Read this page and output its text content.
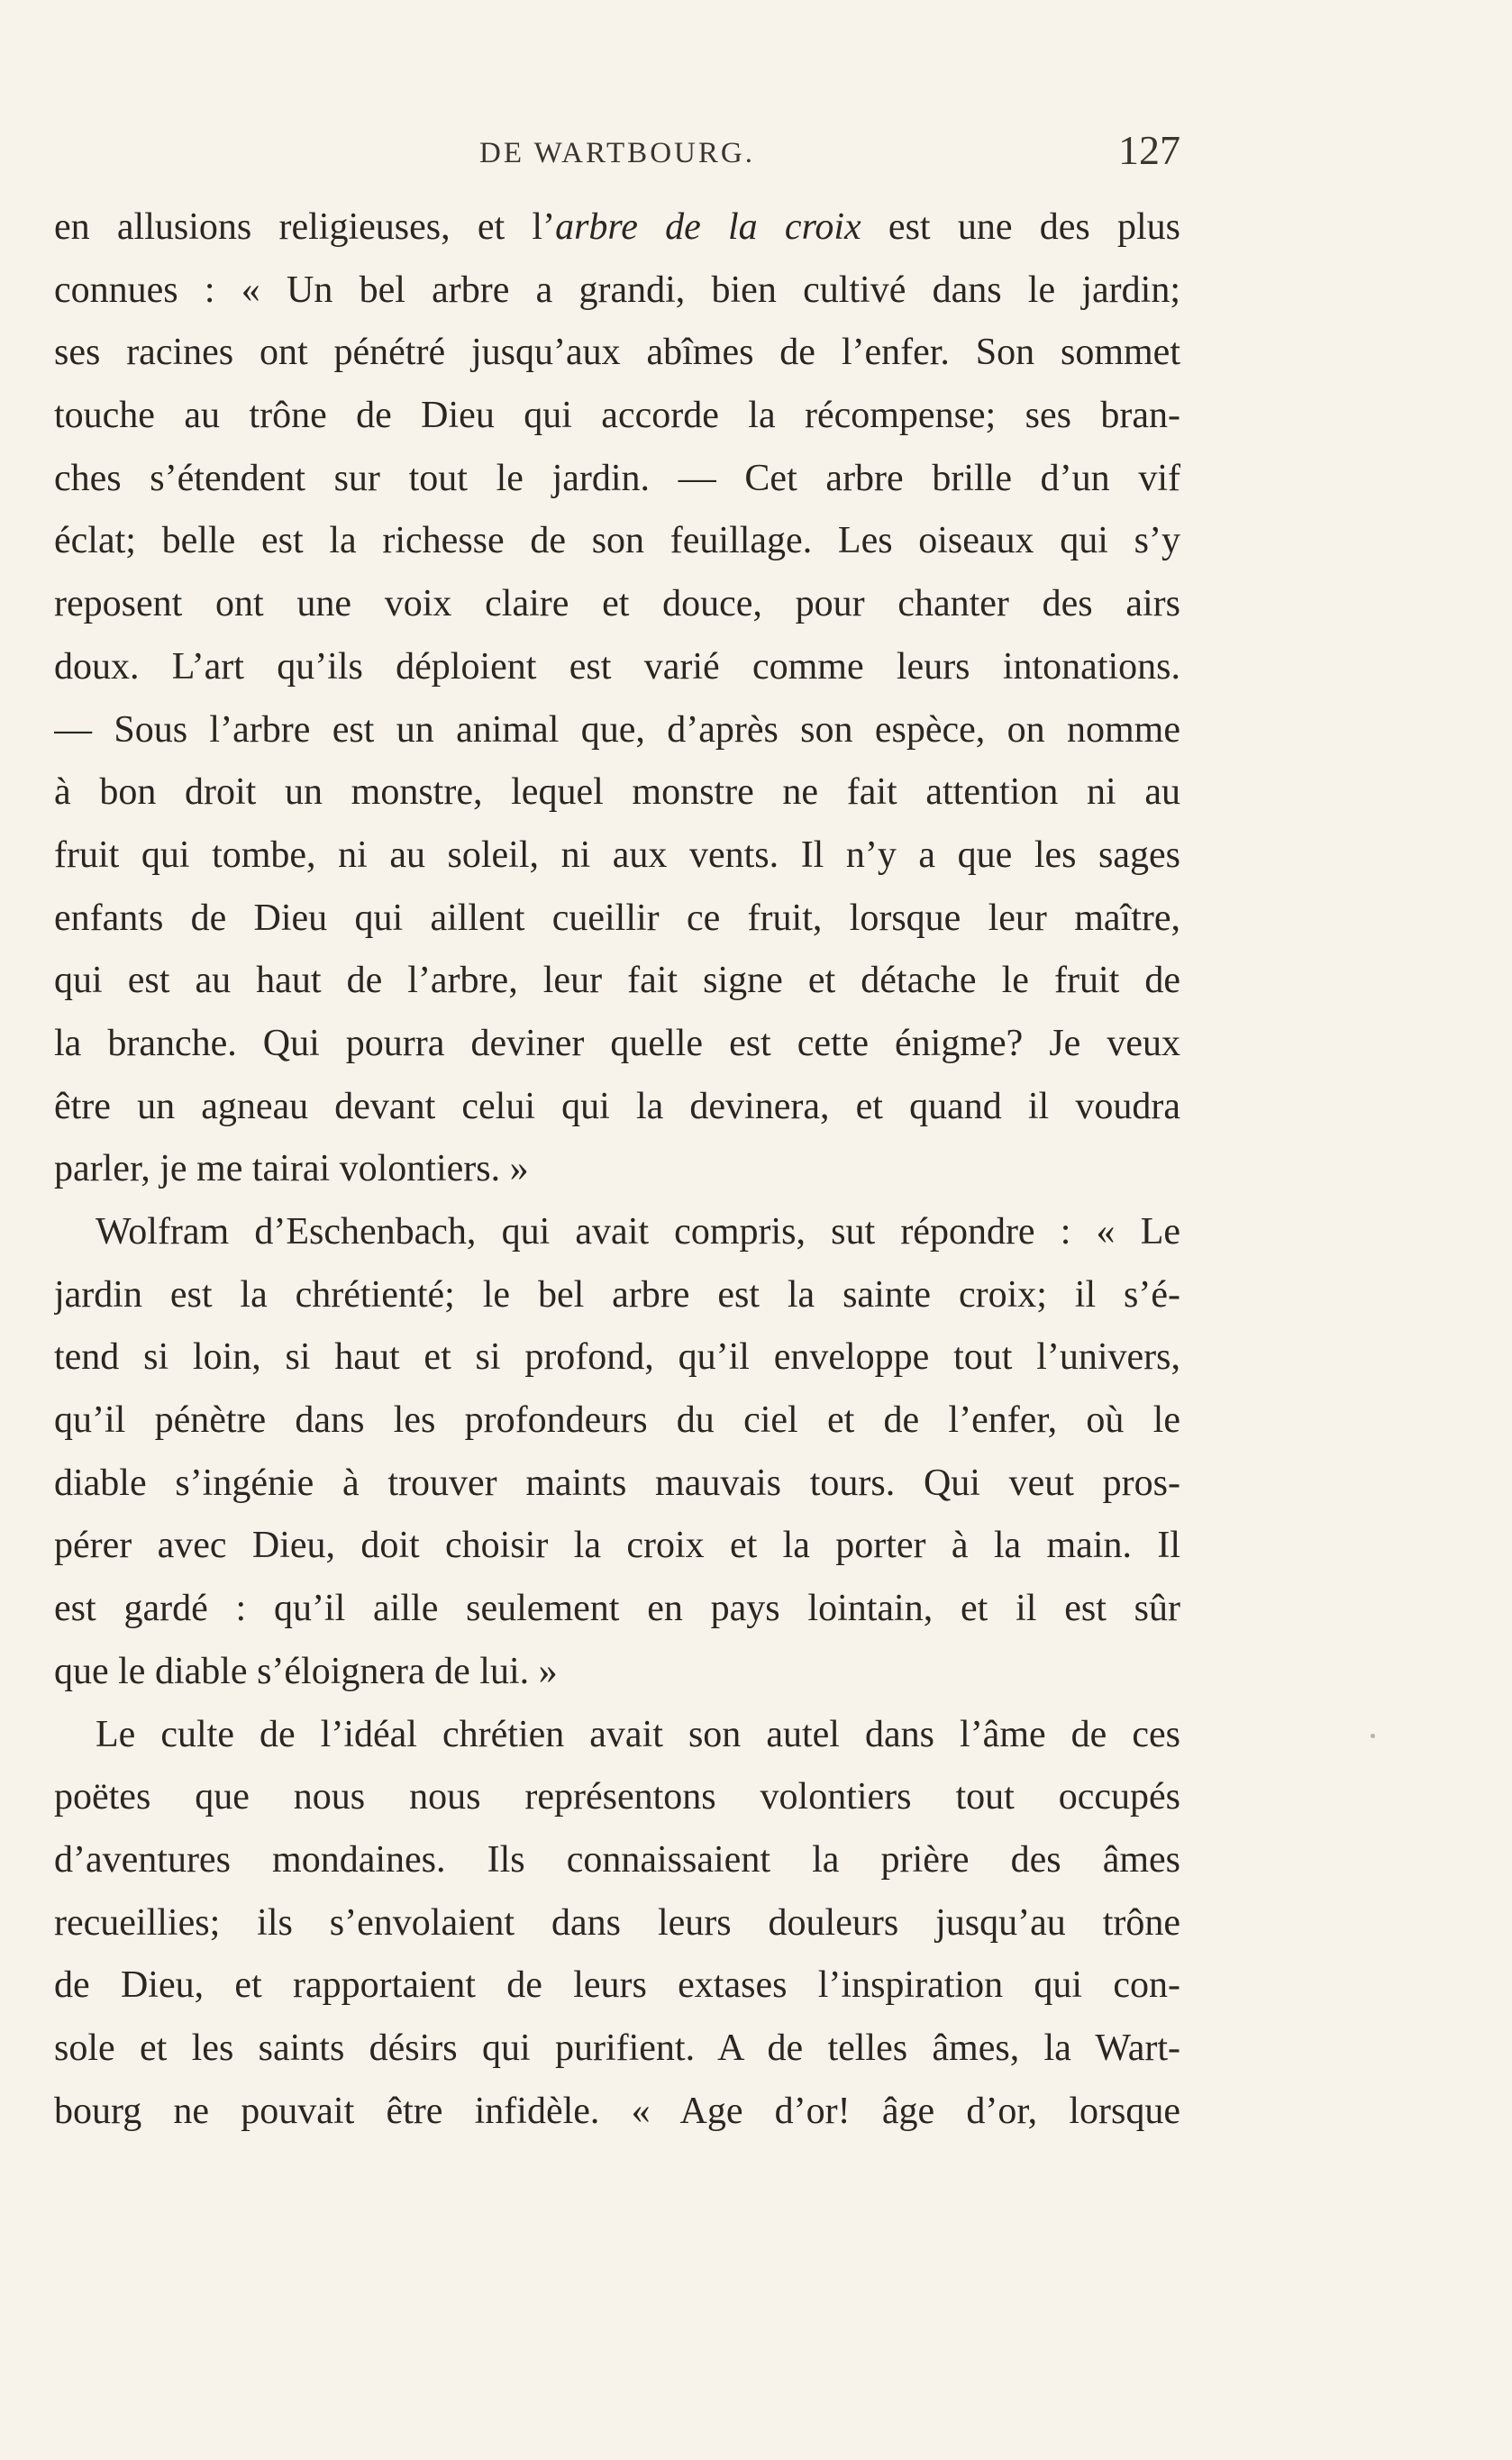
DE WARTBOURG.	127
en allusions religieuses, et l’arbre de la croix est une des plus
connues : « Un bel arbre a grandi, bien cultivé dans le jardin;
ses racines ont pénétré jusqu’aux abîmes de l’enfer. Son sommet
touche au trône de Dieu qui accorde la récompense; ses bran-
ches s’étendent sur tout le jardin. — Cet arbre brille d’un vif
éclat; belle est la richesse de son feuillage. Les oiseaux qui s’y
reposent ont une voix claire et douce, pour chanter des airs
doux. L’art qu’ils déploient est varié comme leurs intonations.
— Sous l’arbre est un animal que, d’après son espèce, on nomme
à bon droit un monstre, lequel monstre ne fait attention ni au
fruit qui tombe, ni au soleil, ni aux vents. Il n’y a que les sages
enfants de Dieu qui aillent cueillir ce fruit, lorsque leur maître,
qui est au haut de l’arbre, leur fait signe et détache le fruit de
la branche. Qui pourra deviner quelle est cette énigme? Je veux
être un agneau devant celui qui la devinera, et quand il voudra
parler, je me tairai volontiers. »
Wolfram d’Eschenbach, qui avait compris, sut répondre : « Le
jardin est la chrétienté; le bel arbre est la sainte croix; il s’é-
tend si loin, si haut et si profond, qu’il enveloppe tout l’univers,
qu’il pénètre dans les profondeurs du ciel et de l’enfer, où le
diable s’ingénie à trouver maints mauvais tours. Qui veut pros-
pérer avec Dieu, doit choisir la croix et la porter à la main. Il
est gardé : qu’il aille seulement en pays lointain, et il est sûr
que le diable s’éloignera de lui. »
Le culte de l’idéal chrétien avait son autel dans l’âme de ces
poëtes que nous nous représentons volontiers tout occupés
d’aventures mondaines. Ils connaissaient la prière des âmes
recueillies; ils s’envolaient dans leurs douleurs jusqu’au trône
de Dieu, et rapportaient de leurs extases l’inspiration qui con-
sole et les saints désirs qui purifient. A de telles âmes, la Wart-
bourg ne pouvait être infidèle. « Age d’or! âge d’or, lorsque
